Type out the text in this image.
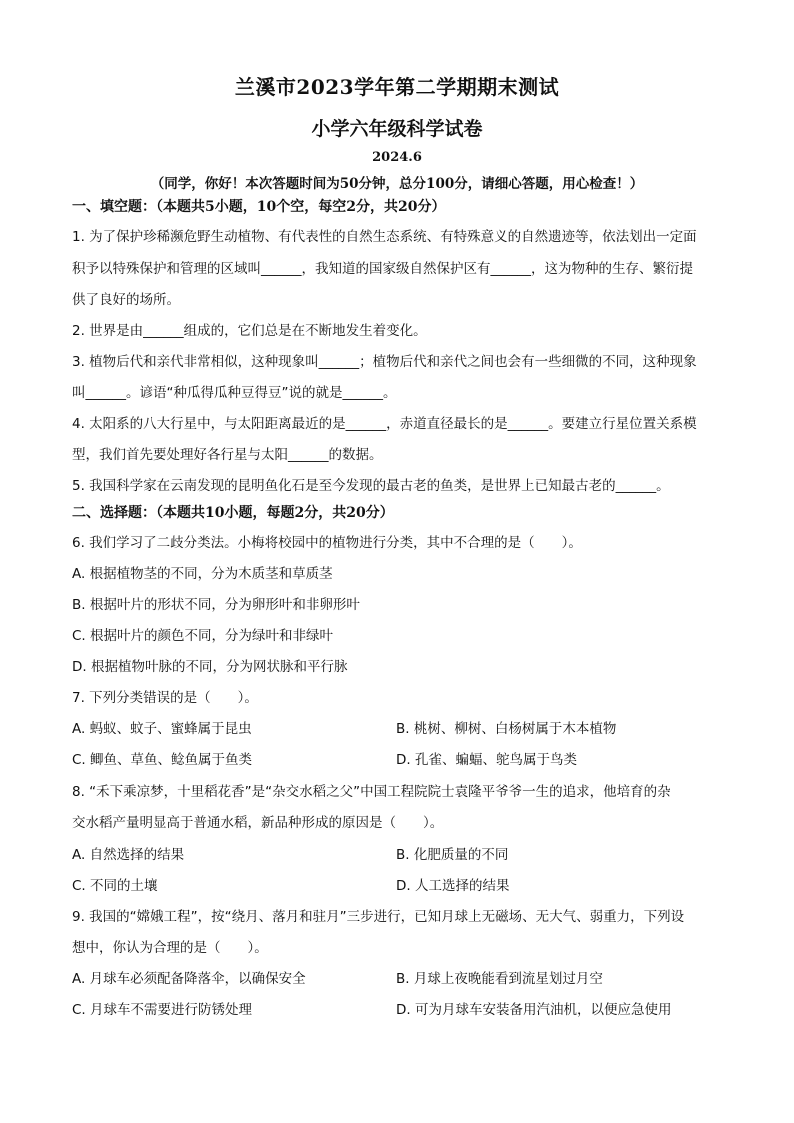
兰溪市2023学年第二学期期末测试
小学六年级科学试卷
2024.6
（同学，你好！本次答题时间为50分钟，总分100分，请细心答题，用心检查！）
一、填空题：（本题共5小题，10个空，每空2分，共20分）
1. 为了保护珍稀濒危野生动植物、有代表性的自然生态系统、有特殊意义的自然遗迹等，依法划出一定面
积予以特殊保护和管理的区域叫______，我知道的国家级自然保护区有______，这为物种的生存、繁衍提
供了良好的场所。
2. 世界是由______组成的，它们总是在不断地发生着变化。
3. 植物后代和亲代非常相似，这种现象叫______；植物后代和亲代之间也会有一些细微的不同，这种现象
叫______。谚语“种瓜得瓜种豆得豆”说的就是______。
4. 太阳系的八大行星中，与太阳距离最近的是______，赤道直径最长的是______。要建立行星位置关系模
型，我们首先要处理好各行星与太阳______的数据。
5. 我国科学家在云南发现的昆明鱼化石是至今发现的最古老的鱼类，是世界上已知最古老的______。
二、选择题：（本题共10小题，每题2分，共20分）
6. 我们学习了二歧分类法。小梅将校园中的植物进行分类，其中不合理的是（　　）。
A. 根据植物茎的不同，分为木质茎和草质茎
B. 根据叶片的形状不同，分为卵形叶和非卵形叶
C. 根据叶片的颜色不同，分为绿叶和非绿叶
D. 根据植物叶脉的不同，分为网状脉和平行脉
7. 下列分类错误的是（　　）。
A. 蚂蚁、蚊子、蜜蜂属于昆虫	B. 桃树、柳树、白杨树属于木本植物
C. 鲫鱼、草鱼、鲶鱼属于鱼类	D. 孔雀、蝙蝠、鸵鸟属于鸟类
8. “禾下乘凉梦，十里稻花香”是“杂交水稻之父”中国工程院院士袁隆平爷爷一生的追求，他培育的杂
交水稻产量明显高于普通水稻，新品种形成的原因是（　　）。
A. 自然选择的结果	B. 化肥质量的不同
C. 不同的土壤	D. 人工选择的结果
9. 我国的“嫦娥工程”，按“绕月、落月和驻月”三步进行，已知月球上无磁场、无大气、弱重力，下列设
想中，你认为合理的是（　　）。
A. 月球车必须配备降落伞，以确保安全	B. 月球上夜晚能看到流星划过月空
C. 月球车不需要进行防锈处理	D. 可为月球车安装备用汽油机，以便应急使用
